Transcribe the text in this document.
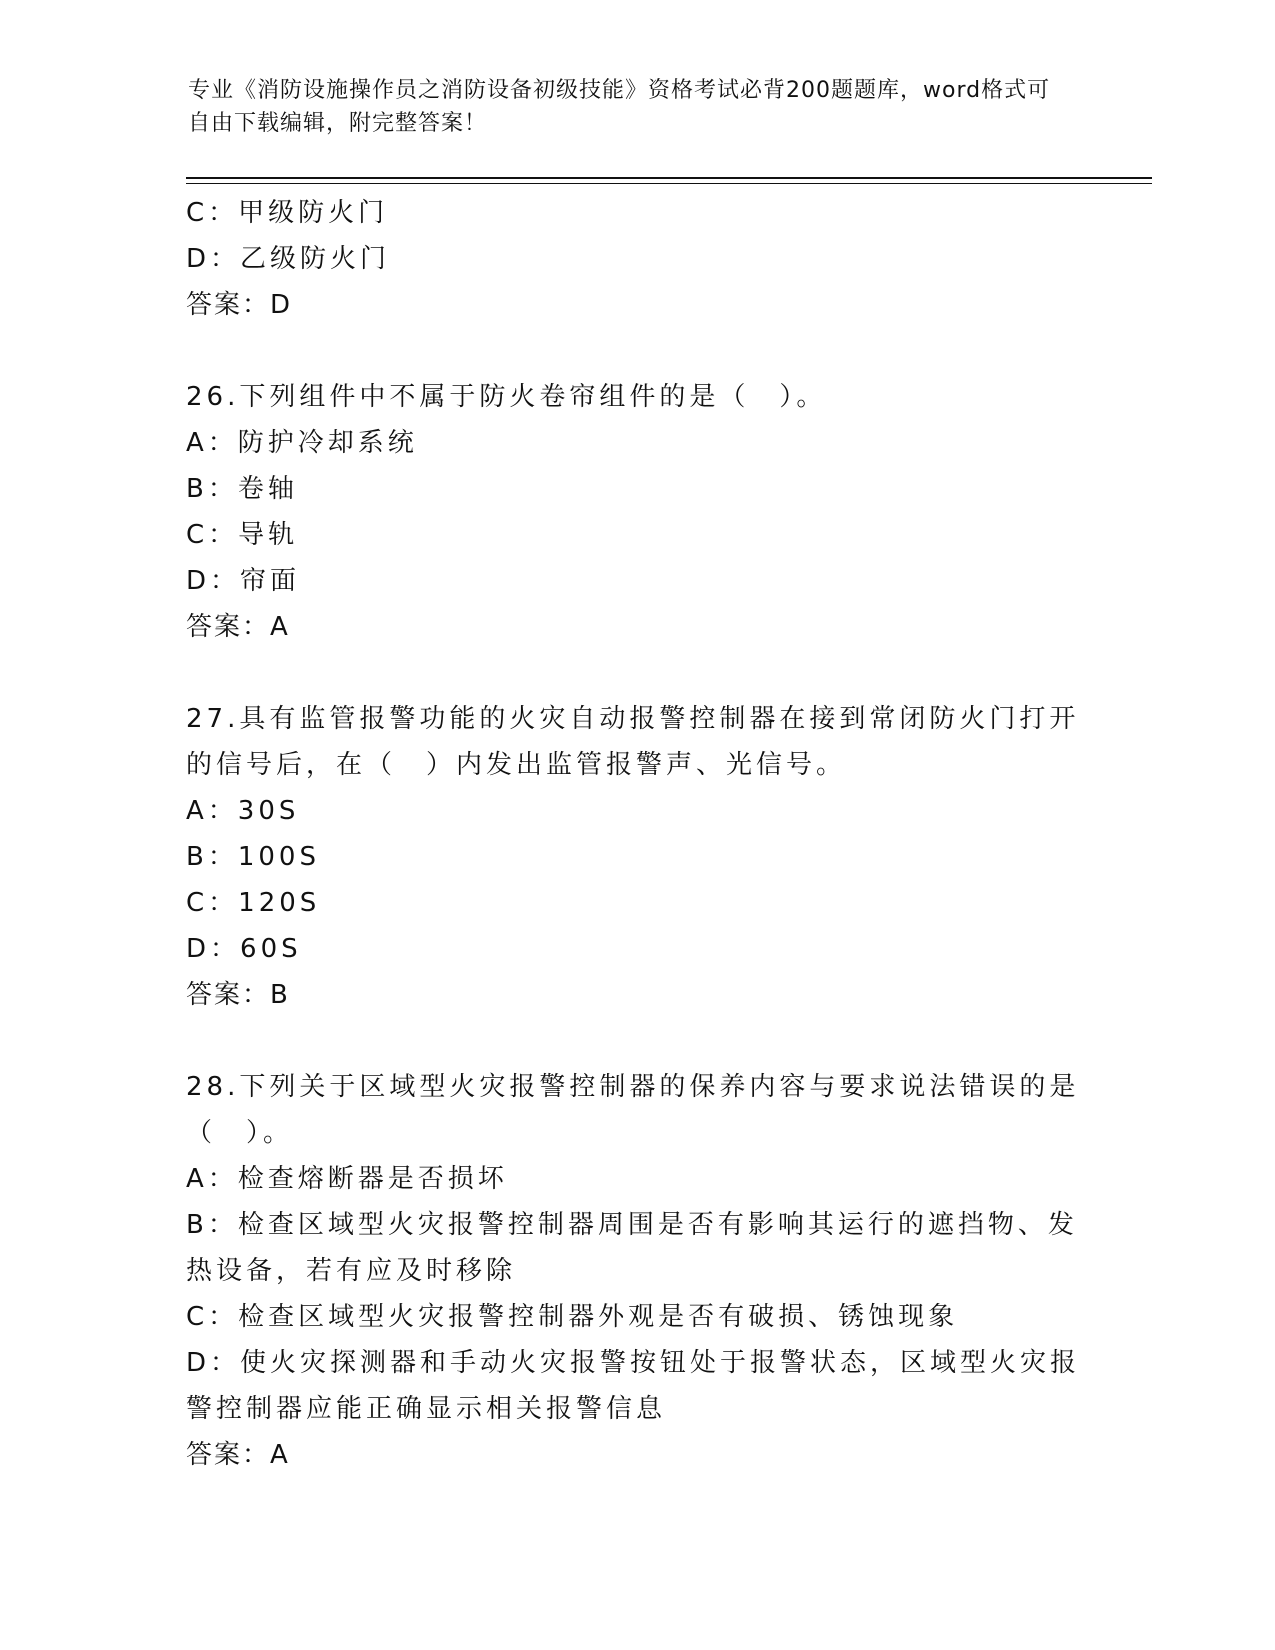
专业《消防设施操作员之消防设备初级技能》资格考试必背200题题库，word格式可自由下载编辑，附完整答案！
C：甲级防火门
D：乙级防火门
答案：D
26.下列组件中不属于防火卷帘组件的是（　）。
A：防护冷却系统
B：卷轴
C：导轨
D：帘面
答案：A
27.具有监管报警功能的火灾自动报警控制器在接到常闭防火门打开的信号后，在（　）内发出监管报警声、光信号。
A：30S
B：100S
C：120S
D：60S
答案：B
28.下列关于区域型火灾报警控制器的保养内容与要求说法错误的是（　）。
A：检查熔断器是否损坏
B：检查区域型火灾报警控制器周围是否有影响其运行的遮挡物、发热设备，若有应及时移除
C：检查区域型火灾报警控制器外观是否有破损、锈蚀现象
D：使火灾探测器和手动火灾报警按钮处于报警状态，区域型火灾报警控制器应能正确显示相关报警信息
答案：A
